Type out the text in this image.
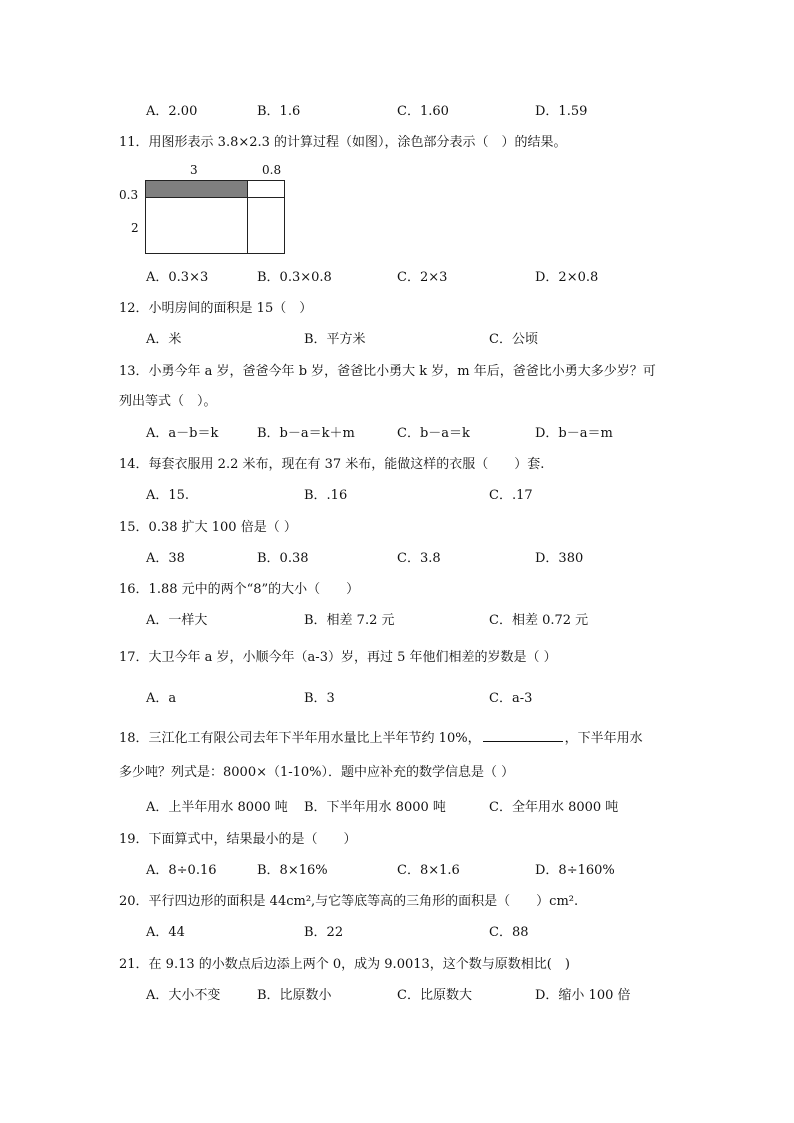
A．2.00	B．1.6	C．1.60	D．1.59
11．用图形表示 3.8×2.3 的计算过程（如图），涂色部分表示（　）的结果。
3	0.8
0.3
2
A．0.3×3	B．0.3×0.8	C．2×3	D．2×0.8
12．小明房间的面积是 15（　）
A．米	B．平方米	C．公顷
13．小勇今年 a 岁，爸爸今年 b 岁，爸爸比小勇大 k 岁，m 年后，爸爸比小勇大多少岁？可
列出等式（　）。
A．a－b＝k	B．b－a＝k＋m	C．b－a＝k	D．b－a＝m
14．每套衣服用 2.2 米布，现在有 37 米布，能做这样的衣服（　　）套.
A．15.	B．.16	C．.17
15．0.38 扩大 100 倍是（ ）
A．38	B．0.38	C．3.8	D．380
16．1.88 元中的两个“8”的大小（　　）
A．一样大	B．相差 7.2 元	C．相差 0.72 元
17．大卫今年 a 岁，小顺今年（a-3）岁，再过 5 年他们相差的岁数是（ ）
A．a	B．3	C．a-3
18．三江化工有限公司去年下半年用水量比上半年节约 10%，	，下半年用水
多少吨？列式是：8000×（1-10%）．题中应补充的数学信息是（ ）
A．上半年用水 8000 吨 B．下半年用水 8000 吨	C．全年用水 8000 吨
19．下面算式中，结果最小的是（　　）
A．8÷0.16	B．8×16%	C．8×1.6	D．8÷160%
20．平行四边形的面积是 44cm²,与它等底等高的三角形的面积是（　　）cm².
A．44	B．22	C．88
21．在 9.13 的小数点后边添上两个 0，成为 9.0013，这个数与原数相比(　)
A．大小不变	B．比原数小	C．比原数大	D．缩小 100 倍
